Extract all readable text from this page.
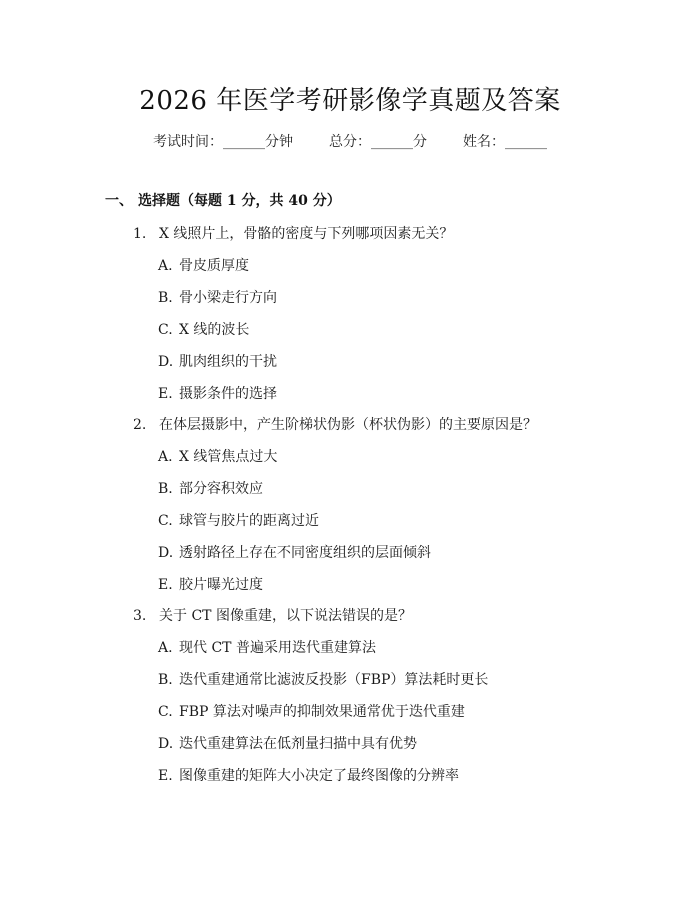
2026 年医学考研影像学真题及答案
考试时间：______分钟	总分：______分	姓名：______
一、 选择题（每题 1 分，共 40 分）
1. X 线照片上，骨骼的密度与下列哪项因素无关？
A. 骨皮质厚度
B. 骨小梁走行方向
C. X 线的波长
D. 肌肉组织的干扰
E. 摄影条件的选择
2. 在体层摄影中，产生阶梯状伪影（杯状伪影）的主要原因是？
A. X 线管焦点过大
B. 部分容积效应
C. 球管与胶片的距离过近
D. 透射路径上存在不同密度组织的层面倾斜
E. 胶片曝光过度
3. 关于 CT 图像重建，以下说法错误的是？
A. 现代 CT 普遍采用迭代重建算法
B. 迭代重建通常比滤波反投影（FBP）算法耗时更长
C. FBP 算法对噪声的抑制效果通常优于迭代重建
D. 迭代重建算法在低剂量扫描中具有优势
E. 图像重建的矩阵大小决定了最终图像的分辨率
